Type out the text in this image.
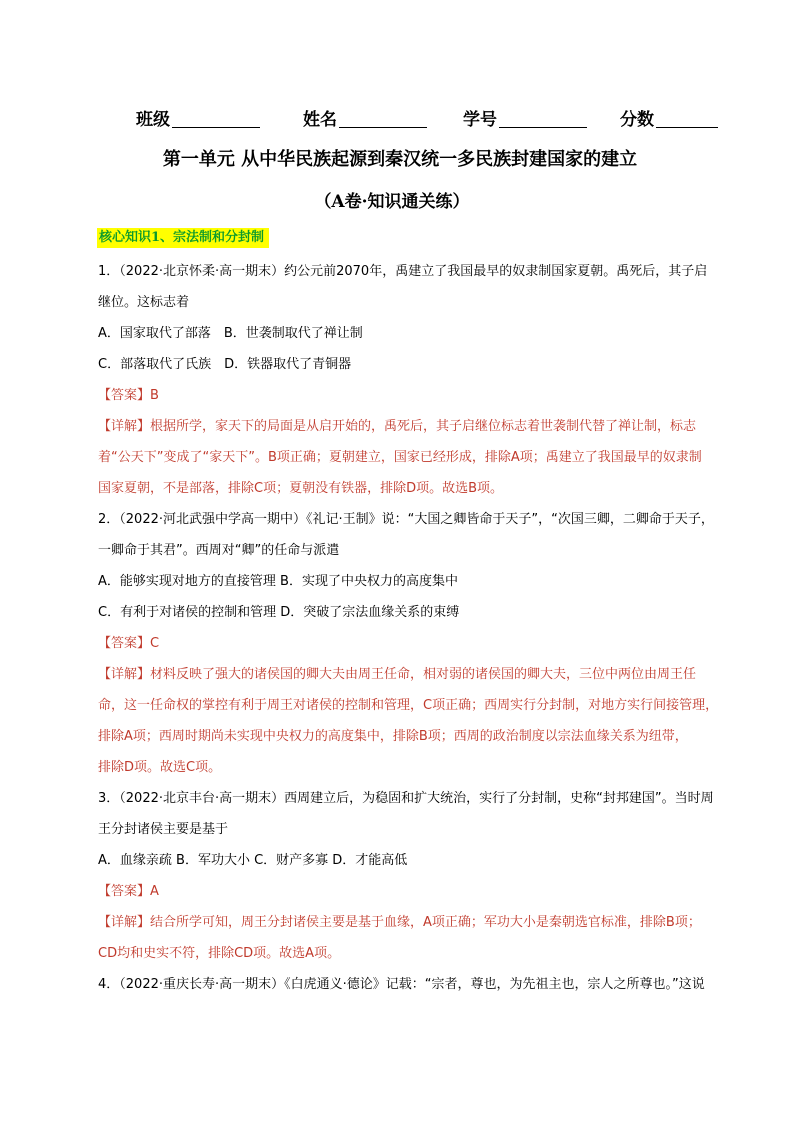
班级	姓名	学号	分数
第一单元 从中华民族起源到秦汉统一多民族封建国家的建立
（A卷·知识通关练）
核心知识1、宗法制和分封制
1．（2022·北京怀柔·高一期末）约公元前2070年，禹建立了我国最早的奴隶制国家夏朝。禹死后，其子启
继位。这标志着
A．国家取代了部落　B．世袭制取代了禅让制
C．部落取代了氏族　D．铁器取代了青铜器
【答案】B
【详解】根据所学，家天下的局面是从启开始的，禹死后，其子启继位标志着世袭制代替了禅让制，标志
着“公天下”变成了“家天下”。B项正确；夏朝建立，国家已经形成，排除A项；禹建立了我国最早的奴隶制
国家夏朝，不是部落，排除C项；夏朝没有铁器，排除D项。故选B项。
2．（2022·河北武强中学高一期中）《礼记·王制》说：“大国之卿皆命于天子”，“次国三卿，二卿命于天子，
一卿命于其君”。西周对“卿”的任命与派遣
A．能够实现对地方的直接管理 B．实现了中央权力的高度集中
C．有利于对诸侯的控制和管理 D．突破了宗法血缘关系的束缚
【答案】C
【详解】材料反映了强大的诸侯国的卿大夫由周王任命，相对弱的诸侯国的卿大夫，三位中两位由周王任
命，这一任命权的掌控有利于周王对诸侯的控制和管理，C项正确；西周实行分封制，对地方实行间接管理，
排除A项；西周时期尚未实现中央权力的高度集中，排除B项；西周的政治制度以宗法血缘关系为纽带，
排除D项。故选C项。
3．（2022·北京丰台·高一期末）西周建立后，为稳固和扩大统治，实行了分封制，史称“封邦建国”。当时周
王分封诸侯主要是基于
A．血缘亲疏 B．军功大小 C．财产多寡 D．才能高低
【答案】A
【详解】结合所学可知，周王分封诸侯主要是基于血缘，A项正确；军功大小是秦朝选官标准，排除B项；
CD均和史实不符，排除CD项。故选A项。
4．（2022·重庆长寿·高一期末）《白虎通义·德论》记载：“宗者，尊也，为先祖主也，宗人之所尊也。”这说
